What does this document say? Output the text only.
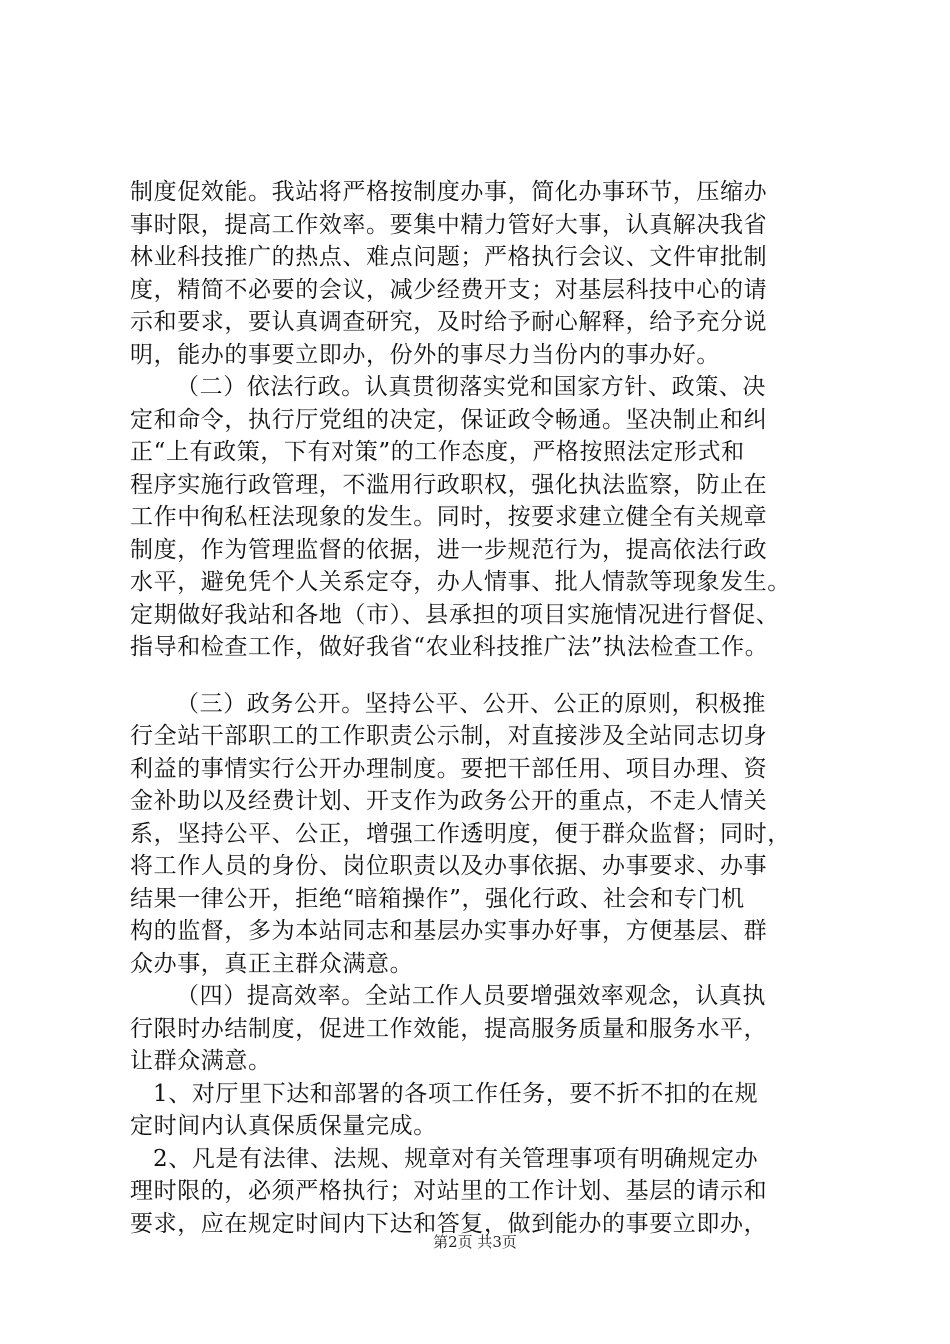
制度促效能。我站将严格按制度办事，简化办事环节，压缩办
事时限，提高工作效率。要集中精力管好大事，认真解决我省
林业科技推广的热点、难点问题；严格执行会议、文件审批制
度，精简不必要的会议，减少经费开支；对基层科技中心的请
示和要求，要认真调查研究，及时给予耐心解释，给予充分说
明，能办的事要立即办，份外的事尽力当份内的事办好。
（二）依法行政。认真贯彻落实党和国家方针、政策、决
定和命令，执行厅党组的决定，保证政令畅通。坚决制止和纠
正“上有政策，下有对策”的工作态度，严格按照法定形式和
程序实施行政管理，不滥用行政职权，强化执法监察，防止在
工作中徇私枉法现象的发生。同时，按要求建立健全有关规章
制度，作为管理监督的依据，进一步规范行为，提高依法行政
水平，避免凭个人关系定夺，办人情事、批人情款等现象发生。
定期做好我站和各地（市）、县承担的项目实施情况进行督促、
指导和检查工作，做好我省“农业科技推广法”执法检查工作。
（三）政务公开。坚持公平、公开、公正的原则，积极推
行全站干部职工的工作职责公示制，对直接涉及全站同志切身
利益的事情实行公开办理制度。要把干部任用、项目办理、资
金补助以及经费计划、开支作为政务公开的重点，不走人情关
系，坚持公平、公正，增强工作透明度，便于群众监督；同时，
将工作人员的身份、岗位职责以及办事依据、办事要求、办事
结果一律公开，拒绝“暗箱操作”，强化行政、社会和专门机
构的监督，多为本站同志和基层办实事办好事，方便基层、群
众办事，真正主群众满意。
（四）提高效率。全站工作人员要增强效率观念，认真执
行限时办结制度，促进工作效能，提高服务质量和服务水平，
让群众满意。
1、对厅里下达和部署的各项工作任务，要不折不扣的在规
定时间内认真保质保量完成。
2、凡是有法律、法规、规章对有关管理事项有明确规定办
理时限的，必须严格执行；对站里的工作计划、基层的请示和
要求，应在规定时间内下达和答复，做到能办的事要立即办，
第2页 共3页
